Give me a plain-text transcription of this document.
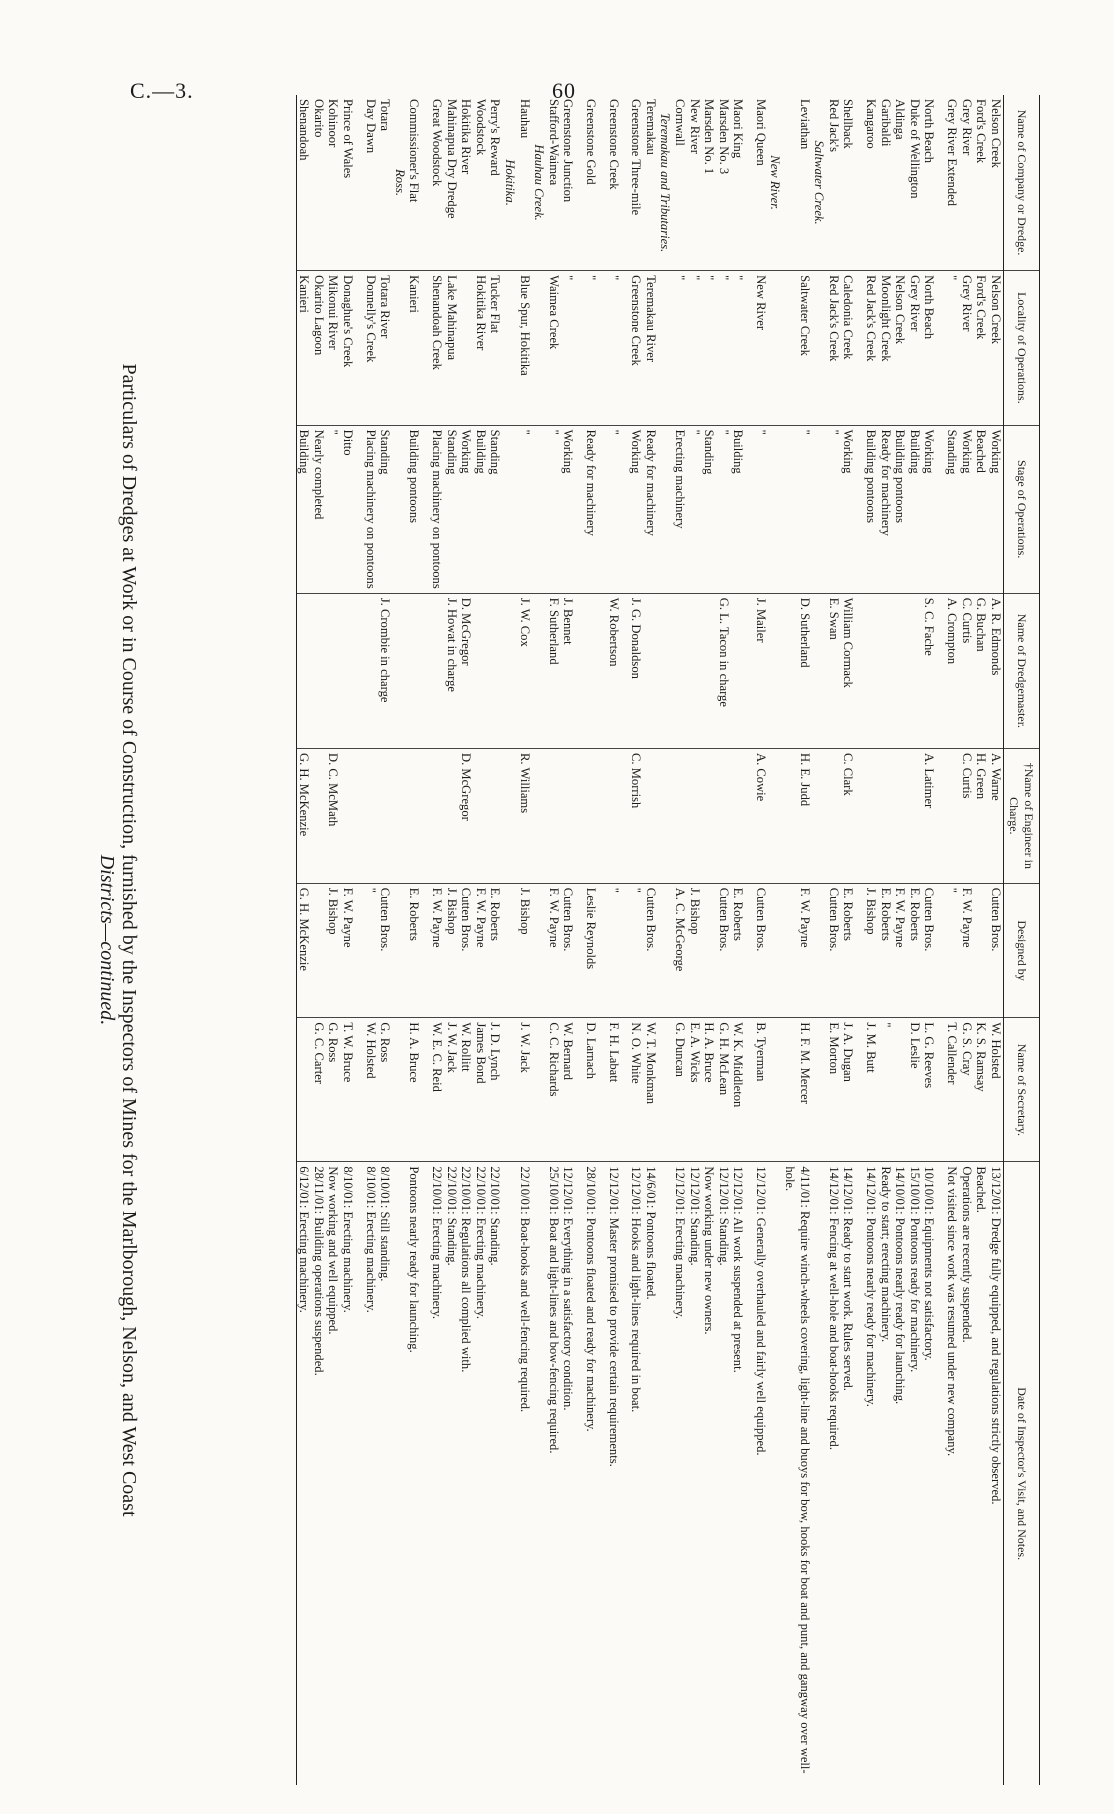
C.—3.	60
Name of Company or Dredge.	Locality of Operations.	Stage of Operations.	Name of Dredgemaster.	†Name of Engineer in Charge.	Designed by	Name of Secretary.	Date of Inspector's Visit, and Notes.
Nelson Creek	Nelson Creek	Working	A. R. Edmonds	A. Warne	Cutten Bros.	W. Holsted	13/12/01: Dredge fully equipped, and regulations strictly observed.
Ford's Creek	Ford's Creek	Beached	G. Buchan	H. Green		K. S. Ramsay	Beached.
Grey River	Grey River	Working	C. Curtis	C. Curtis	F. W. Payne	G. S. Cray	Operations are recently suspended.
Grey River Extended	"	Standing	A. Crompton		"	T. Callender	Not visited since work was resumed under new company.

North Beach	North Beach	Working	S. C. Fache	A. Latimer	Cutten Bros.	L. G. Reeves	10/10/01: Equipments not satisfactory.
Duke of Wellington	Grey River	Building			E. Roberts	D. Leslie	15/10/01: Pontoons ready for machinery.
Aldinga	Nelson Creek	Building pontoons			F. W. Payne		14/10/01: Pontoons nearly ready for launching.
Garibaldi	Moonlight Creek	Ready for machinery			E. Roberts	"	Ready to start; erecting machinery.
Kangaroo	Red Jack's Creek	Building pontoons			J. Bishop	J. M. Butt	14/12/01: Pontoons nearly ready for machinery.

Shellback	Caledonia Creek	Working	William Cormack	C. Clark	E. Roberts	J. A. Dugan	14/12/01: Ready to start work. Rules served.
Red Jack's	Red Jack's Creek	"	E. Swan		Cutten Bros.	E. Morton	14/12/01: Fencing at well-hole and boat-hooks required.
Saltwater Creek.							
Leviathan	Saltwater Creek	"	D. Sutherland	H. E. Judd	F. W. Payne	H. F. M. Mercer	4/11/01: Require winch-wheels covering, light-line and buoys for bow, hooks for boat and punt, and gangway over well-hole.
New River.							
Maori Queen	New River	"	J. Mailer	A. Cowie	Cutten Bros.	B. Tyerman	12/12/01: Generally overhauled and fairly well equipped.

Maori King	"	Building			E. Roberts	W. K. Middleton	12/12/01: All work suspended at present.
Marsden No. 3	"	"	G. L. Tacon in charge		Cutten Bros.	G. H. McLean	12/12/01: Standing.
Marsden No. 1	"	Standing				H. A. Bruce	Now working under new owners.
New River	"	"			J. Bishop	E. A. Wicks	12/12/01: Standing.
Cornwall	"	Erecting machinery			A. C. McGeorge	G. Duncan	12/12/01: Erecting machinery.
Teremakau and Tributaries.							
Teremakau	Teremakau River	Ready for machinery			Cutten Bros.	W. T. Monkman	14/6/01: Pontoons floated.
Greenstone Three-mile	Greenstone Creek	Working	J. G. Donaldson	C. Morrish	"	N. O. White	12/12/01: Hooks and light-lines required in boat.

Greenstone Creek	"	"	W. Robertson		"	F. H. Labatt	12/12/01: Master promised to provide certain requirements.

Greenstone Gold	"	Ready for machinery			Leslie Reynolds	D. Larnach	28/10/01: Pontoons floated and ready for machinery.

Greenstone Junction	"	Working	J. Bennet		Cutten Bros.	W. Bernard	12/12/01: Everything in a satisfactory condition.
Stafford-Waimea	Waimea Creek	"	F. Sutherland		F. W. Payne	C. C. Richards	25/10/01: Boat and light-lines and bow-fencing required.
Hauhau Creek.							
Hauhau	Blue Spur, Hokitika	"	J. W. Cox	R. Williams	J. Bishop	J. W. Jack	22/10/01: Boat-hooks and well-fencing required.
Hokitika.							
Perry's Reward	Tucker Flat	Standing			E. Roberts	J. D. Lynch	22/10/01: Standing.
Woodstock	Hokitika River	Building			F. W. Payne	James Bond	22/10/01: Erecting machinery.
Hokitika River		Working	D. McGregor	D. McGregor	Cutten Bros.	W. Rollitt	22/10/01: Regulations all complied with.
Mahinapua Dry Dredge	Lake Mahinapua	Standing	J. Howat in charge		J. Bishop	J. W. Jack	22/10/01: Standing.
Great Woodstock	Shenandoah Creek	Placing machinery on pontoons			F. W. Payne	W. E. C. Reid	22/10/01: Erecting machinery.

Commissioner's Flat	Kanieri	Building pontoons			E. Roberts	H. A. Bruce	Pontoons nearly ready for launching.
Ross.							
Totara	Totara River	Standing	J. Crombie in charge		Cutten Bros.	G. Ross	8/10/01: Still standing.
Day Dawn	Donnelly's Creek	Placing machinery on pontoons			"	W. Holsted	8/10/01: Erecting machinery.

Prince of Wales	Donaghue's Creek	Ditto			F. W. Payne	T. W. Bruce	8/10/01: Erecting machinery.
Kohinoor	Mikonui River	"		D. C. McMath	J. Bishop	G. Ross	Now working and well equipped.
Okarito	Okarito Lagoon	Nearly completed				G. C. Carter	28/11/01: Building operations suspended.
Shenandoah	Kanieri	Building		G. H. McKenzie	G. H. McKenzie		6/12/01: Erecting machinery.
Particulars of Dredges at Work or in Course of Construction, furnished by the Inspectors of Mines for the Marlborough, Nelson, and West Coast
Districts—continued.
